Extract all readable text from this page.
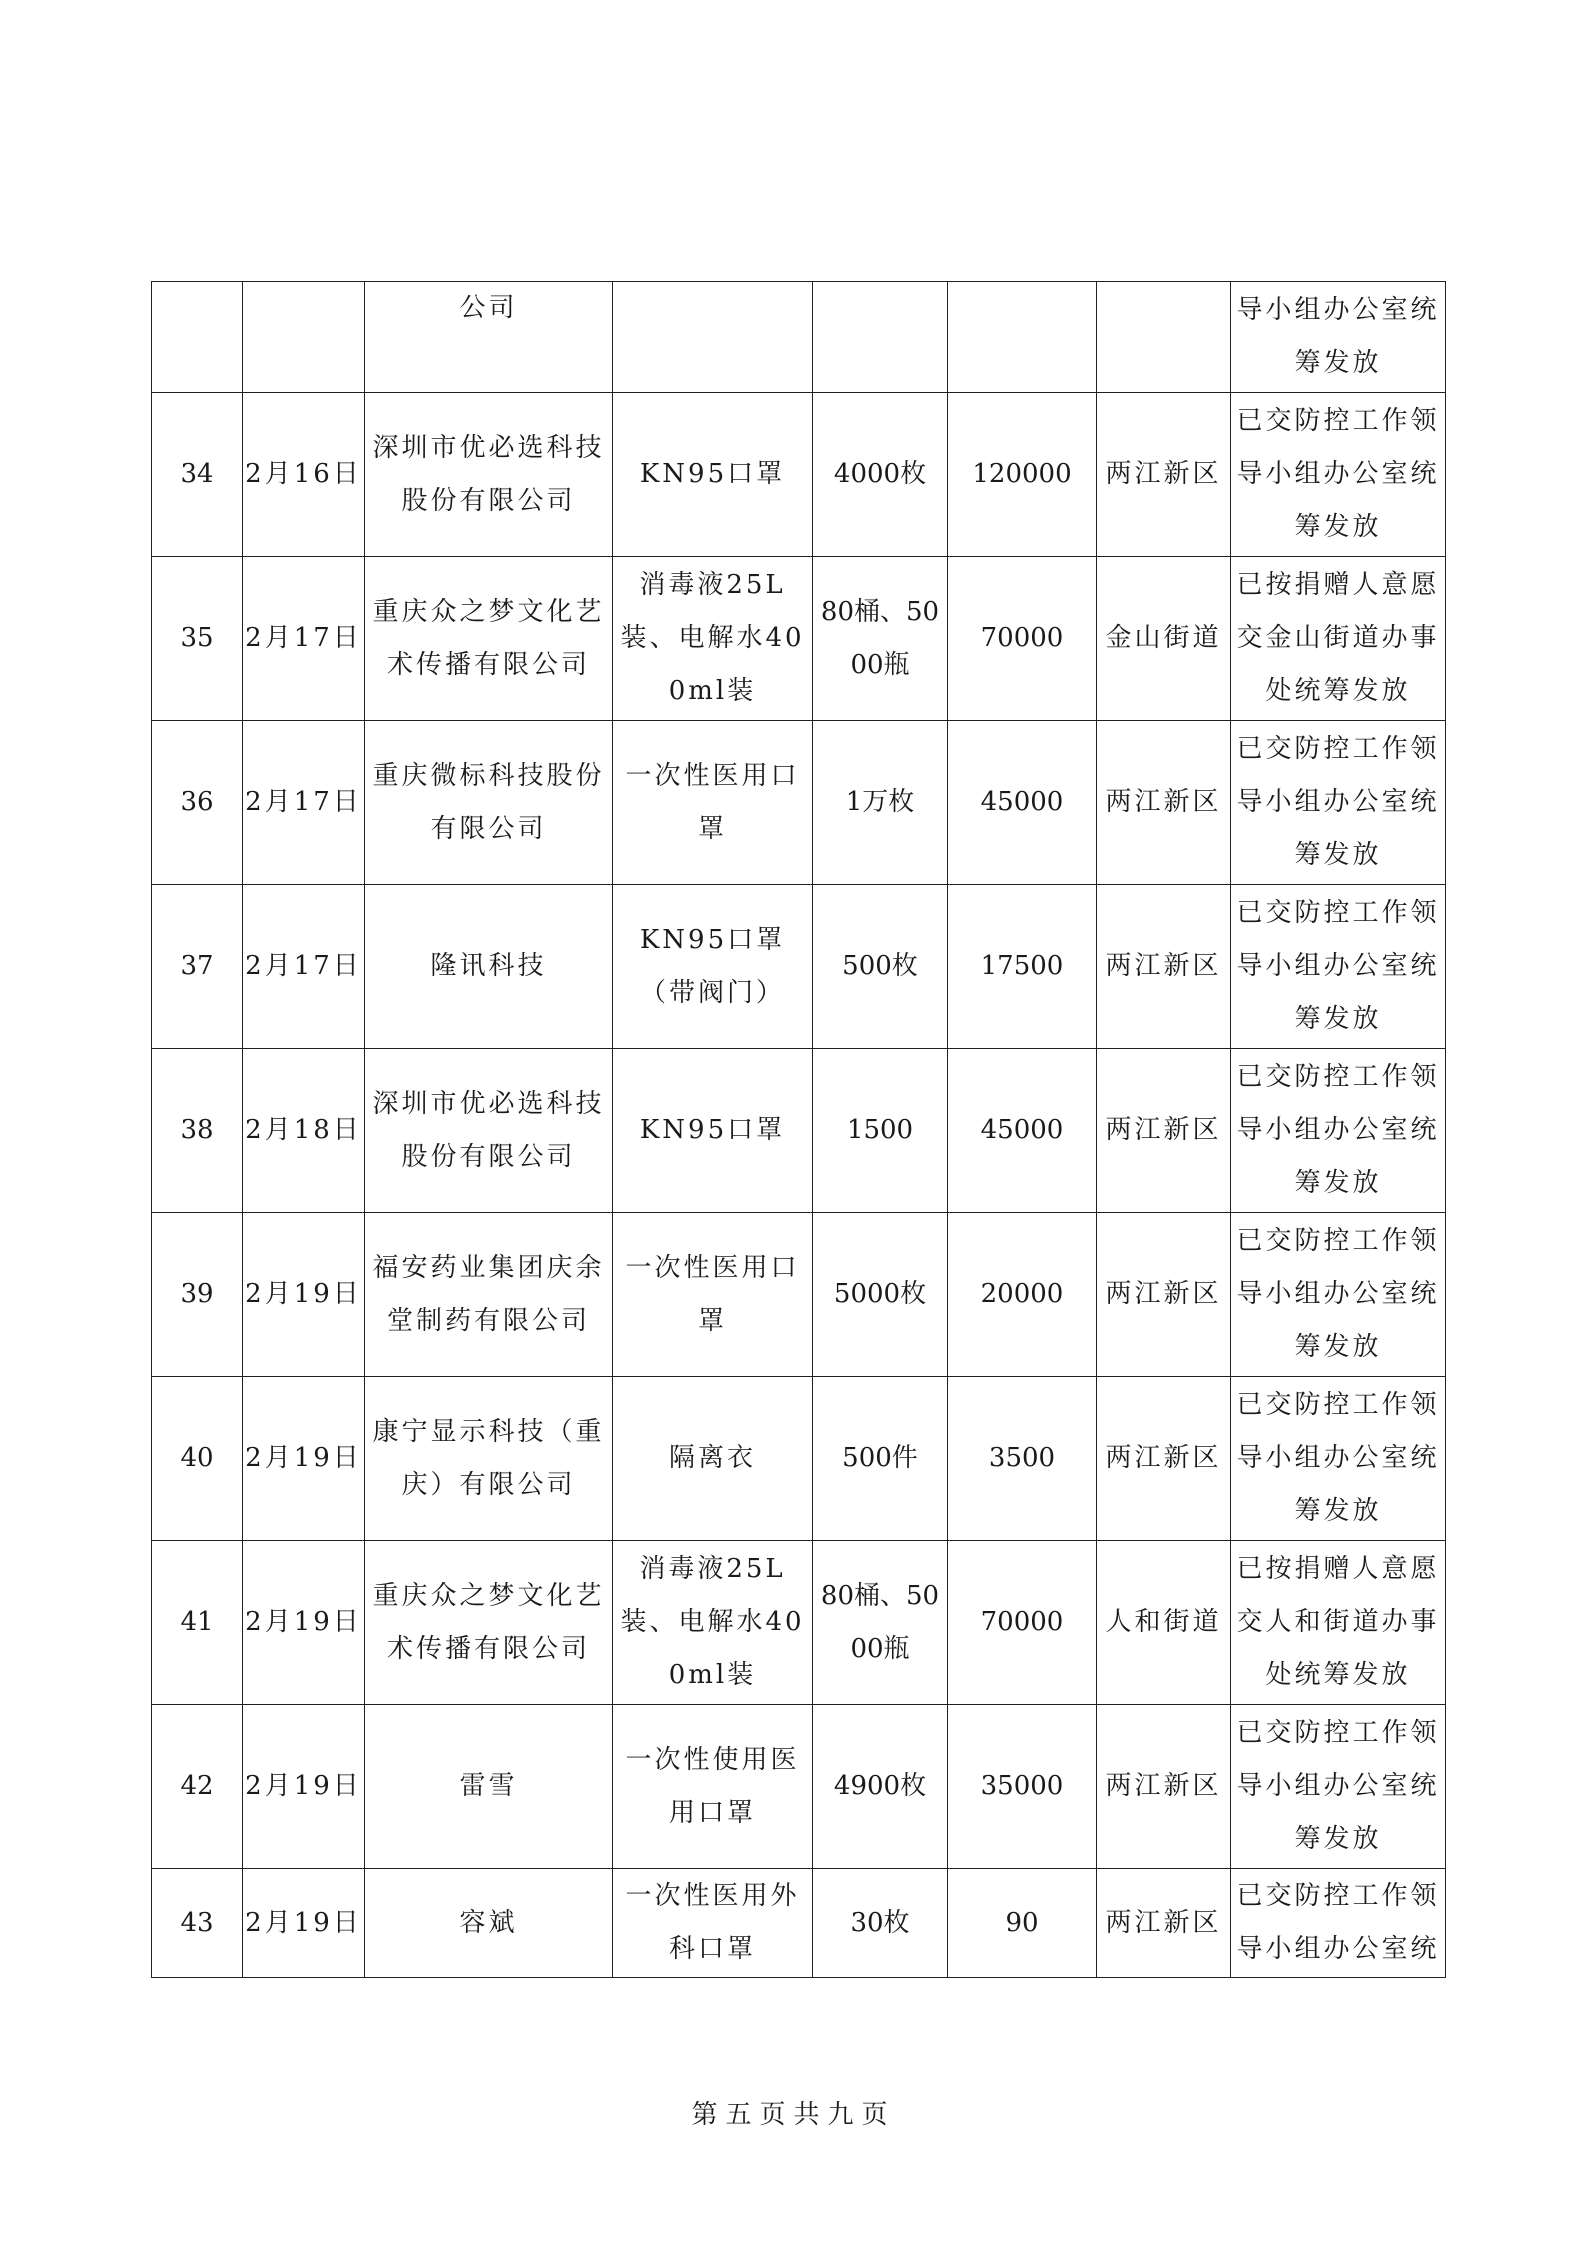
		公司					导小组办公室统筹发放
34	2月16日	深圳市优必选科技股份有限公司	KN95口罩	4000枚	120000	两江新区	已交防控工作领导小组办公室统筹发放
35	2月17日	重庆众之梦文化艺术传播有限公司	消毒液25L装、电解水400ml装	80桶、5000瓶	70000	金山街道	已按捐赠人意愿交金山街道办事处统筹发放
36	2月17日	重庆微标科技股份有限公司	一次性医用口罩	1万枚	45000	两江新区	已交防控工作领导小组办公室统筹发放
37	2月17日	隆讯科技	KN95口罩（带阀门）	500枚	17500	两江新区	已交防控工作领导小组办公室统筹发放
38	2月18日	深圳市优必选科技股份有限公司	KN95口罩	1500	45000	两江新区	已交防控工作领导小组办公室统筹发放
39	2月19日	福安药业集团庆余堂制药有限公司	一次性医用口罩	5000枚	20000	两江新区	已交防控工作领导小组办公室统筹发放
40	2月19日	康宁显示科技（重庆）有限公司	隔离衣	500件	3500	两江新区	已交防控工作领导小组办公室统筹发放
41	2月19日	重庆众之梦文化艺术传播有限公司	消毒液25L装、电解水400ml装	80桶、5000瓶	70000	人和街道	已按捐赠人意愿交人和街道办事处统筹发放
42	2月19日	雷雪	一次性使用医用口罩	4900枚	35000	两江新区	已交防控工作领导小组办公室统筹发放
43	2月19日	容斌	一次性医用外科口罩	30枚	90	两江新区	已交防控工作领导小组办公室统
第五页共九页
